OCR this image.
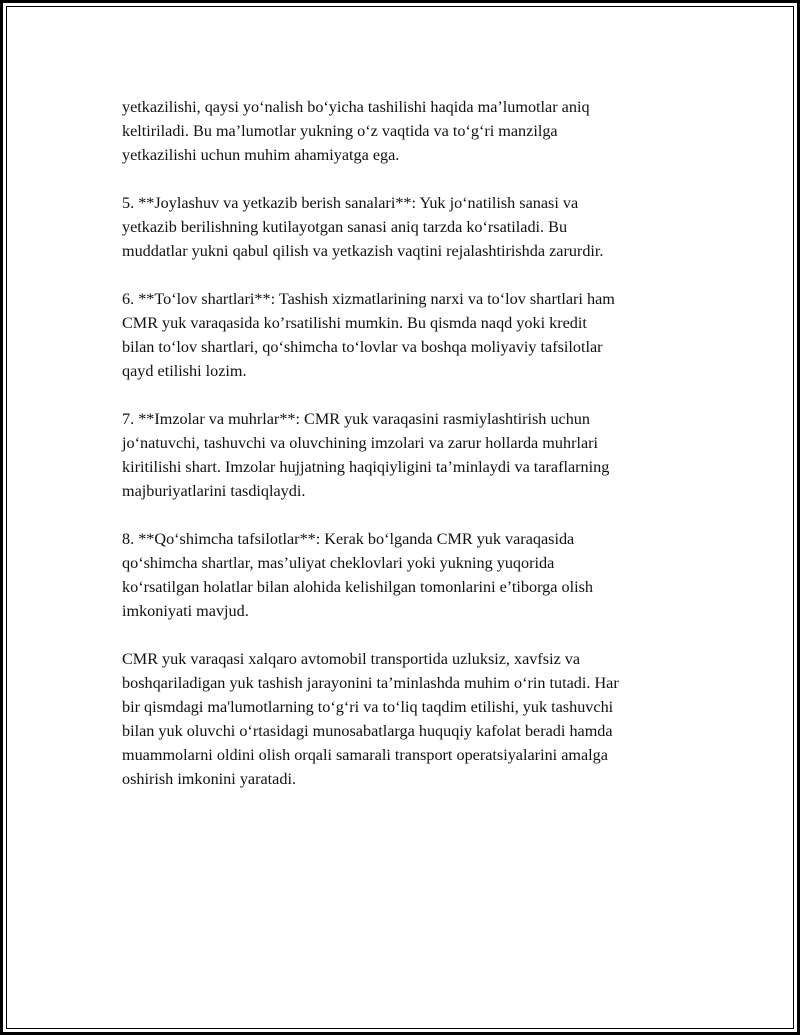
yetkazilishi, qaysi yo‘nalish bo‘yicha tashilishi haqida ma’lumotlar aniq
keltiriladi. Bu ma’lumotlar yukning o‘z vaqtida va to‘g‘ri manzilga
yetkazilishi uchun muhim ahamiyatga ega.

5. **Joylashuv va yetkazib berish sanalari**: Yuk jo‘natilish sanasi va
yetkazib berilishning kutilayotgan sanasi aniq tarzda ko‘rsatiladi. Bu
muddatlar yukni qabul qilish va yetkazish vaqtini rejalashtirishda zarurdir.

6. **To‘lov shartlari**: Tashish xizmatlarining narxi va to‘lov shartlari ham
CMR yuk varaqasida ko’rsatilishi mumkin. Bu qismda naqd yoki kredit
bilan to‘lov shartlari, qo‘shimcha to‘lovlar va boshqa moliyaviy tafsilotlar
qayd etilishi lozim.

7. **Imzolar va muhrlar**: CMR yuk varaqasini rasmiylashtirish uchun
jo‘natuvchi, tashuvchi va oluvchining imzolari va zarur hollarda muhrlari
kiritilishi shart. Imzolar hujjatning haqiqiyligini ta’minlaydi va taraflarning
majburiyatlarini tasdiqlaydi.

8. **Qo‘shimcha tafsilotlar**: Kerak bo‘lganda CMR yuk varaqasida
qo‘shimcha shartlar, mas’uliyat cheklovlari yoki yukning yuqorida
ko‘rsatilgan holatlar bilan alohida kelishilgan tomonlarini e’tiborga olish
imkoniyati mavjud.

CMR yuk varaqasi xalqaro avtomobil transportida uzluksiz, xavfsiz va
boshqariladigan yuk tashish jarayonini ta’minlashda muhim o‘rin tutadi. Har
bir qismdagi ma'lumotlarning to‘g‘ri va to‘liq taqdim etilishi, yuk tashuvchi
bilan yuk oluvchi o‘rtasidagi munosabatlarga huquqiy kafolat beradi hamda
muammolarni oldini olish orqali samarali transport operatsiyalarini amalga
oshirish imkonini yaratadi.
